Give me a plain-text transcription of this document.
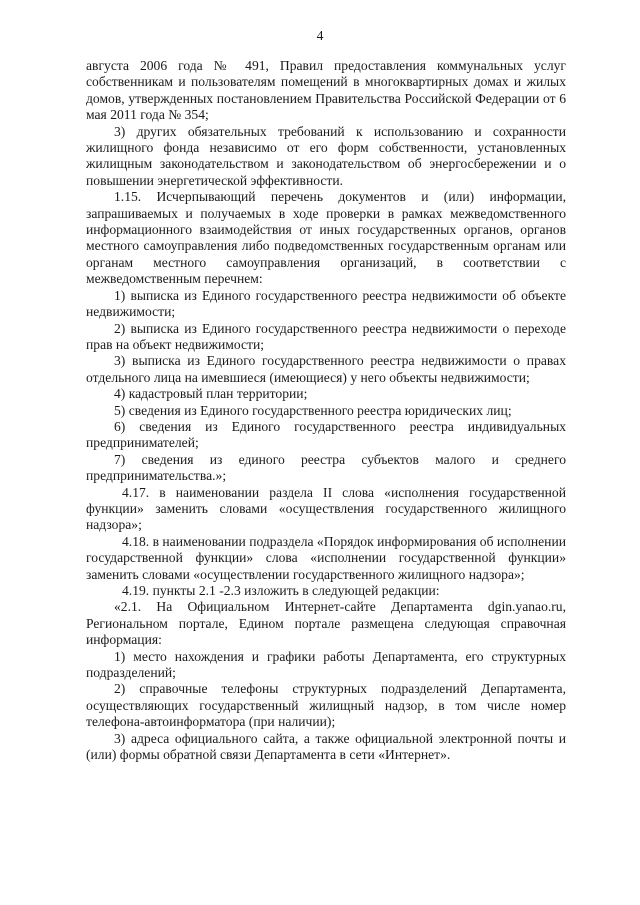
4

августа 2006 года № 491, Правил предоставления коммунальных услуг собственникам и пользователям помещений в многоквартирных домах и жилых домов, утвержденных постановлением Правительства Российской Федерации от 6 мая 2011 года № 354;

3) других обязательных требований к использованию и сохранности жилищного фонда независимо от его форм собственности, установленных жилищным законодательством и законодательством об энергосбережении и о повышении энергетической эффективности.

1.15. Исчерпывающий перечень документов и (или) информации, запрашиваемых и получаемых в ходе проверки в рамках межведомственного информационного взаимодействия от иных государственных органов, органов местного самоуправления либо подведомственных государственным органам или органам местного самоуправления организаций, в соответствии с межведомственным перечнем:

1) выписка из Единого государственного реестра недвижимости об объекте недвижимости;

2) выписка из Единого государственного реестра недвижимости о переходе прав на объект недвижимости;

3) выписка из Единого государственного реестра недвижимости о правах отдельного лица на имевшиеся (имеющиеся) у него объекты недвижимости;

4) кадастровый план территории;

5) сведения из Единого государственного реестра юридических лиц;

6) сведения из Единого государственного реестра индивидуальных предпринимателей;

7) сведения из единого реестра субъектов малого и среднего предпринимательства.»;

4.17. в наименовании раздела II слова «исполнения государственной функции» заменить словами «осуществления государственного жилищного надзора»;

4.18. в наименовании подраздела «Порядок информирования об исполнении государственной функции» слова «исполнении государственной функции» заменить словами «осуществлении государственного жилищного надзора»;

4.19. пункты 2.1 -2.3 изложить в следующей редакции:

«2.1. На Официальном Интернет-сайте Департамента dgin.yanao.ru, Региональном портале, Едином портале размещена следующая справочная информация:

1) место нахождения и графики работы Департамента, его структурных подразделений;

2) справочные телефоны структурных подразделений Департамента, осуществляющих государственный жилищный надзор, в том числе номер телефона-автоинформатора (при наличии);

3) адреса официального сайта, а также официальной электронной почты и (или) формы обратной связи Департамента в сети «Интернет».
